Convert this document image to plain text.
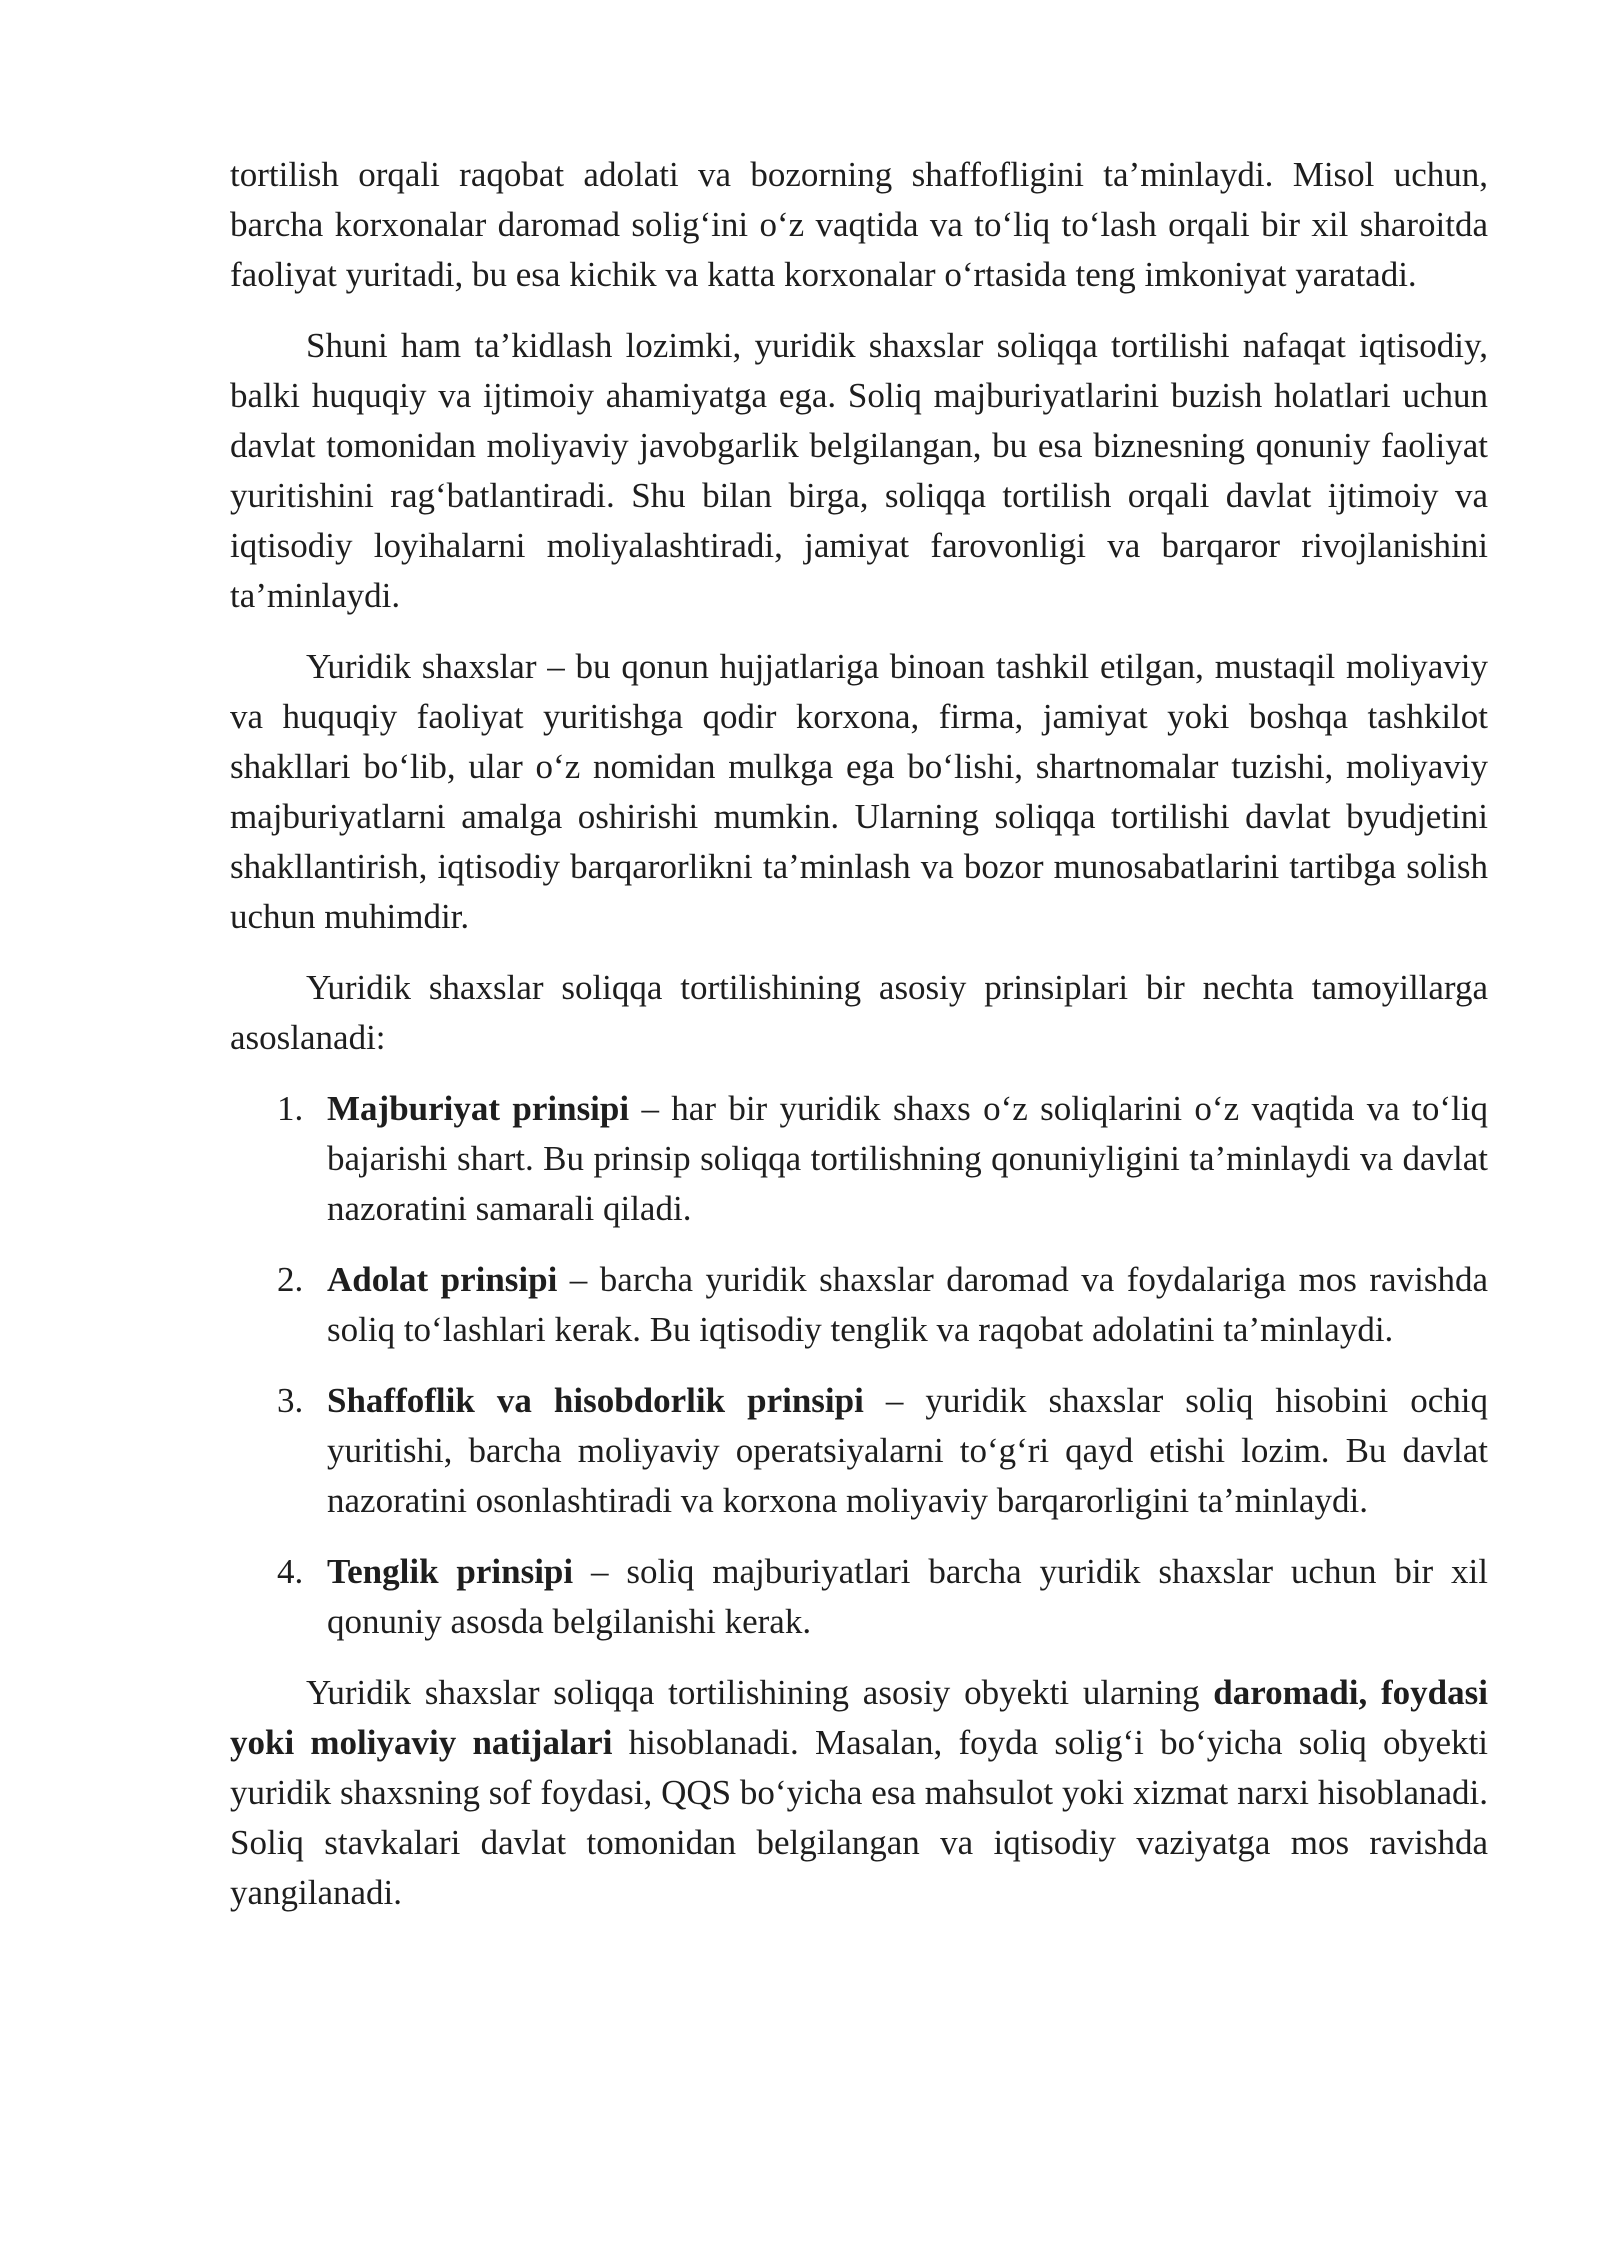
tortilish orqali raqobat adolati va bozorning shaffofligini ta’minlaydi. Misol uchun, barcha korxonalar daromad solig‘ini o‘z vaqtida va to‘liq to‘lash orqali bir xil sharoitda faoliyat yuritadi, bu esa kichik va katta korxonalar o‘rtasida teng imkoniyat yaratadi.

Shuni ham ta’kidlash lozimki, yuridik shaxslar soliqqa tortilishi nafaqat iqtisodiy, balki huquqiy va ijtimoiy ahamiyatga ega. Soliq majburiyatlarini buzish holatlari uchun davlat tomonidan moliyaviy javobgarlik belgilangan, bu esa biznesning qonuniy faoliyat yuritishini rag‘batlantiradi. Shu bilan birga, soliqqa tortilish orqali davlat ijtimoiy va iqtisodiy loyihalarni moliyalashtiradi, jamiyat farovonligi va barqaror rivojlanishini ta’minlaydi.

Yuridik shaxslar – bu qonun hujjatlariga binoan tashkil etilgan, mustaqil moliyaviy va huquqiy faoliyat yuritishga qodir korxona, firma, jamiyat yoki boshqa tashkilot shakllari bo‘lib, ular o‘z nomidan mulkga ega bo‘lishi, shartnomalar tuzishi, moliyaviy majburiyatlarni amalga oshirishi mumkin. Ularning soliqqa tortilishi davlat byudjetini shakllantirish, iqtisodiy barqarorlikni ta’minlash va bozor munosabatlarini tartibga solish uchun muhimdir.

Yuridik shaxslar soliqqa tortilishining asosiy prinsiplari bir nechta tamoyillarga asoslanadi:

1. Majburiyat prinsipi – har bir yuridik shaxs o‘z soliqlarini o‘z vaqtida va to‘liq bajarishi shart. Bu prinsip soliqqa tortilishning qonuniyligini ta’minlaydi va davlat nazoratini samarali qiladi.
2. Adolat prinsipi – barcha yuridik shaxslar daromad va foydalariga mos ravishda soliq to‘lashlari kerak. Bu iqtisodiy tenglik va raqobat adolatini ta’minlaydi.
3. Shaffoflik va hisobdorlik prinsipi – yuridik shaxslar soliq hisobini ochiq yuritishi, barcha moliyaviy operatsiyalarni to‘g‘ri qayd etishi lozim. Bu davlat nazoratini osonlashtiradi va korxona moliyaviy barqarorligini ta’minlaydi.
4. Tenglik prinsipi – soliq majburiyatlari barcha yuridik shaxslar uchun bir xil qonuniy asosda belgilanishi kerak.

Yuridik shaxslar soliqqa tortilishining asosiy obyekti ularning daromadi, foydasi yoki moliyaviy natijalari hisoblanadi. Masalan, foyda solig‘i bo‘yicha soliq obyekti yuridik shaxsning sof foydasi, QQS bo‘yicha esa mahsulot yoki xizmat narxi hisoblanadi. Soliq stavkalari davlat tomonidan belgilangan va iqtisodiy vaziyatga mos ravishda yangilanadi.
